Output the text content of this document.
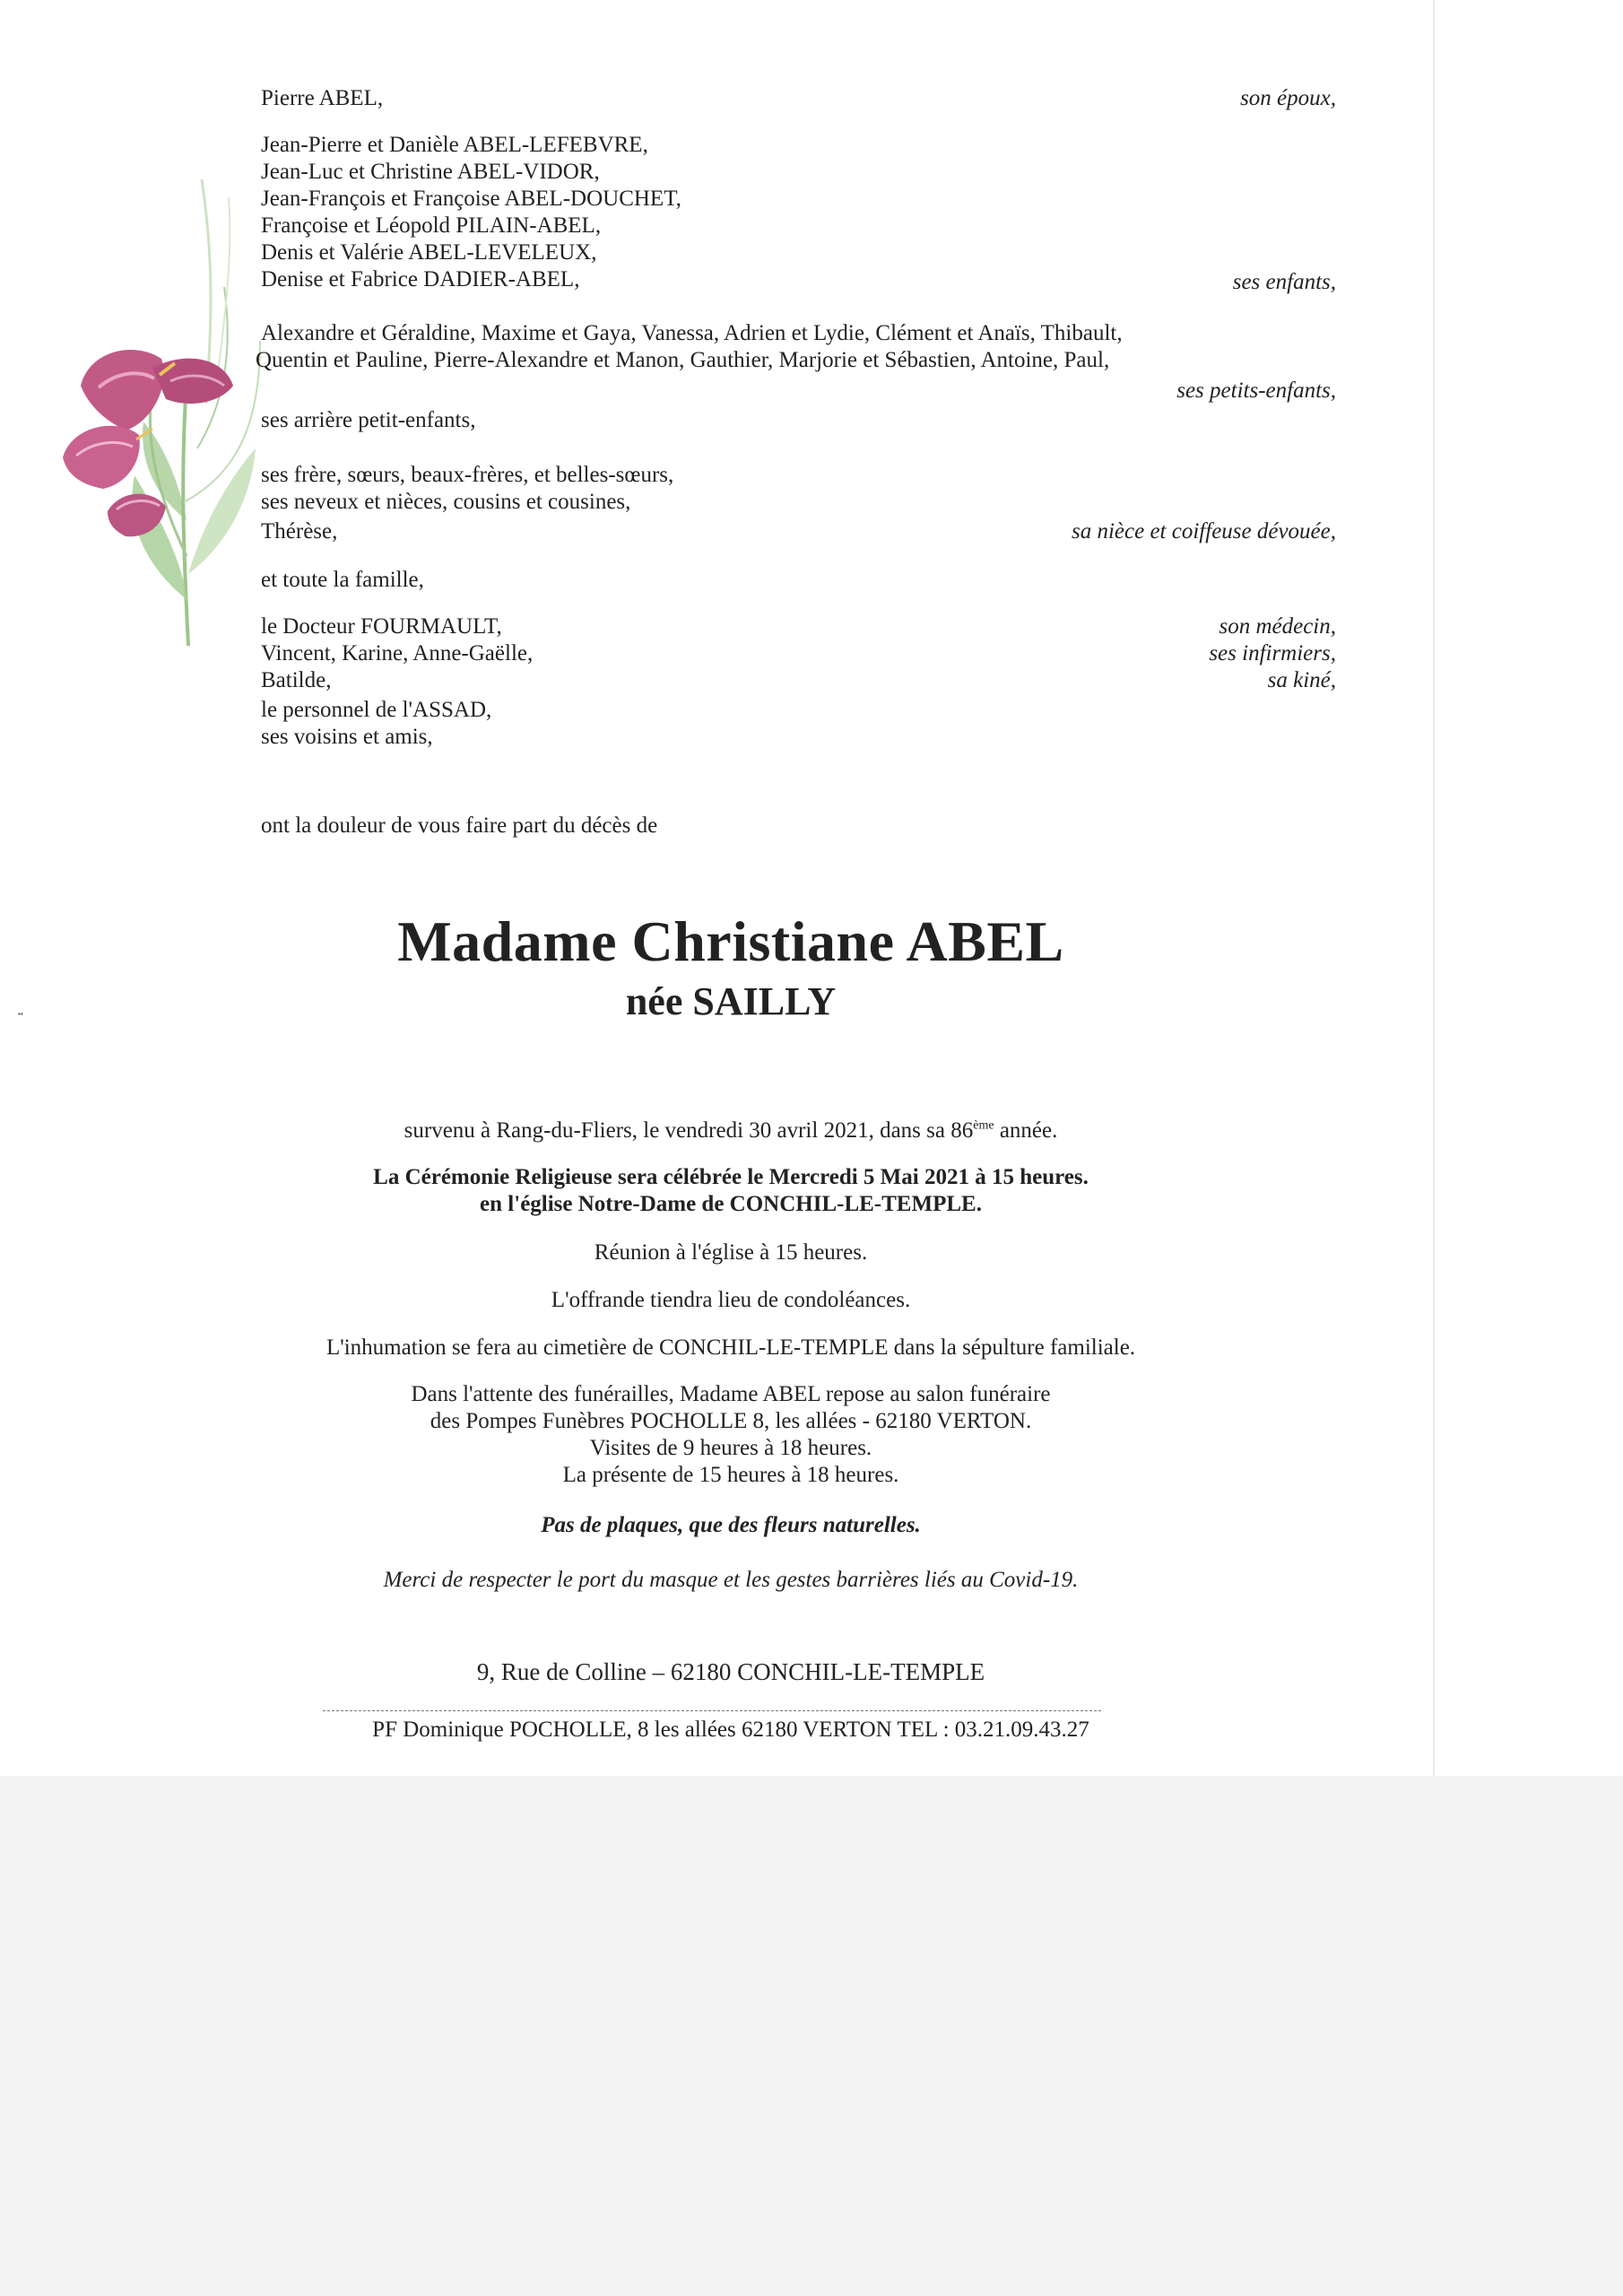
▪▪
Pierre ABEL,	son époux,
Jean-Pierre et Danièle ABEL-LEFEBVRE,
Jean-Luc et Christine ABEL-VIDOR,
Jean-François et Françoise ABEL-DOUCHET,
Françoise et Léopold PILAIN-ABEL,
Denis et Valérie ABEL-LEVELEUX,
Denise et Fabrice DADIER-ABEL,	ses enfants,
Alexandre et Géraldine, Maxime et Gaya, Vanessa, Adrien et Lydie, Clément et Anaïs, Thibault,
Quentin et Pauline, Pierre-Alexandre et Manon, Gauthier, Marjorie et Sébastien, Antoine, Paul,
ses petits-enfants,
ses arrière petit-enfants,
ses frère, sœurs, beaux-frères, et belles-sœurs,
ses neveux et nièces, cousins et cousines,
Thérèse,	sa nièce et coiffeuse dévouée,
et toute la famille,
le Docteur FOURMAULT,	son médecin,
Vincent, Karine, Anne-Gaëlle,	ses infirmiers,
Batilde,	sa kiné,
le personnel de l'ASSAD,
ses voisins et amis,
ont la douleur de vous faire part du décès de
Madame Christiane ABEL
née SAILLY
survenu à Rang-du-Fliers, le vendredi 30 avril 2021, dans sa 86ème année.
La Cérémonie Religieuse sera célébrée le Mercredi 5 Mai 2021 à 15 heures.
en l'église Notre-Dame de CONCHIL-LE-TEMPLE.
Réunion à l'église à 15 heures.
L'offrande tiendra lieu de condoléances.
L'inhumation se fera au cimetière de CONCHIL-LE-TEMPLE dans la sépulture familiale.
Dans l'attente des funérailles, Madame ABEL repose au salon funéraire
des Pompes Funèbres POCHOLLE 8, les allées - 62180 VERTON.
Visites de 9 heures à 18 heures.
La présente de 15 heures à 18 heures.
Pas de plaques, que des fleurs naturelles.
Merci de respecter le port du masque et les gestes barrières liés au Covid-19.
9, Rue de Colline – 62180 CONCHIL-LE-TEMPLE
PF Dominique POCHOLLE, 8 les allées 62180 VERTON TEL : 03.21.09.43.27
